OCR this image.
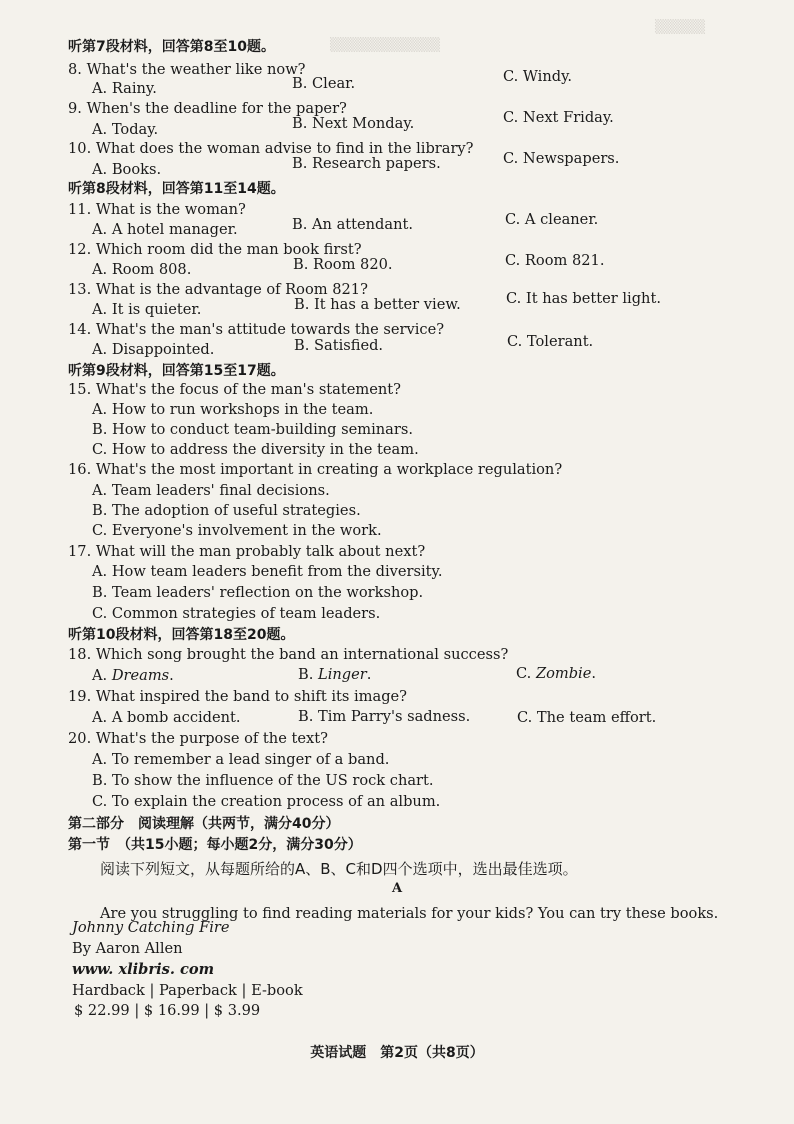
▒▒▒▒▒▒▒▒▒▒▒
▒▒▒▒▒
听第7段材料，回答第8至10题。
8. What's the weather like now?
A. Rainy.	B. Clear.	C. Windy.
9. When's the deadline for the paper?
A. Today.	B. Next Monday.	C. Next Friday.
10. What does the woman advise to find in the library?
A. Books.	B. Research papers.	C. Newspapers.
听第8段材料，回答第11至14题。
11. What is the woman?
A. A hotel manager.	B. An attendant.	C. A cleaner.
12. Which room did the man book first?
A. Room 808.	B. Room 820.	C. Room 821.
13. What is the advantage of Room 821?
A. It is quieter.	B. It has a better view.	C. It has better light.
14. What's the man's attitude towards the service?
A. Disappointed.	B. Satisfied.	C. Tolerant.
听第9段材料，回答第15至17题。
15. What's the focus of the man's statement?
A. How to run workshops in the team.
B. How to conduct team-building seminars.
C. How to address the diversity in the team.
16. What's the most important in creating a workplace regulation?
A. Team leaders' final decisions.
B. The adoption of useful strategies.
C. Everyone's involvement in the work.
17. What will the man probably talk about next?
A. How team leaders benefit from the diversity.
B. Team leaders' reflection on the workshop.
C. Common strategies of team leaders.
听第10段材料，回答第18至20题。
18. Which song brought the band an international success?
A. Dreams.	B. Linger.	C. Zombie.
19. What inspired the band to shift its image?
A. A bomb accident.	B. Tim Parry's sadness.	C. The team effort.
20. What's the purpose of the text?
A. To remember a lead singer of a band.
B. To show the influence of the US rock chart.
C. To explain the creation process of an album.
第二部分　阅读理解（共两节，满分40分）
第一节　（共15小题；每小题2分，满分30分）
阅读下列短文，从每题所给的A、B、C和D四个选项中，选出最佳选项。
A
Are you struggling to find reading materials for your kids? You can try these books.
Johnny Catching Fire
By Aaron Allen
www. xlibris. com
Hardback | Paperback | E-book
$ 22.99 | $ 16.99 | $ 3.99
英语试题　第2页（共8页）
